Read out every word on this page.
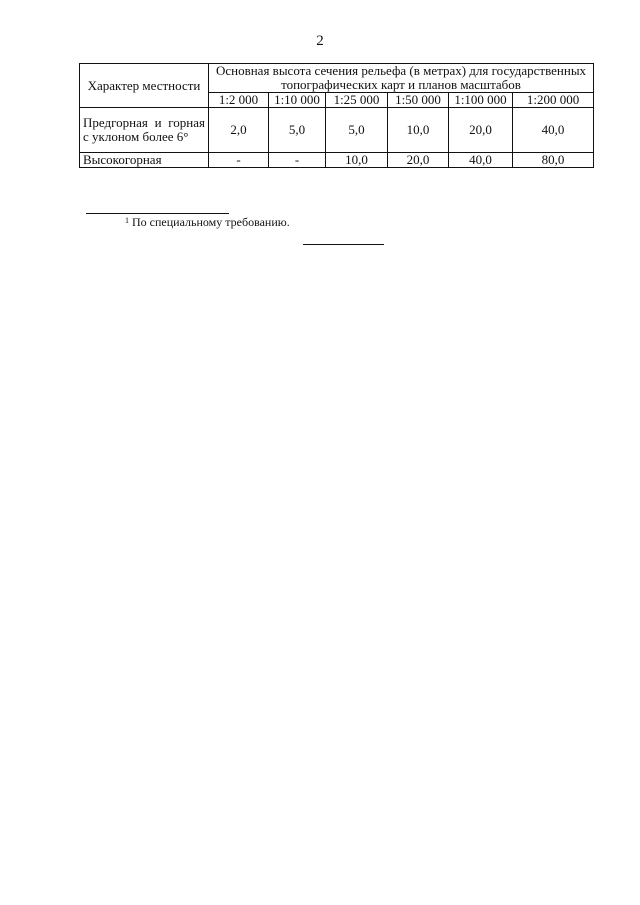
2
Характер местности	Основная высота сечения рельефа (в метрах) для государственных топографических карт и планов масштабов					
	1:2 000	1:10 000	1:25 000	1:50 000	1:100 000	1:200 000
Предгорная и горная с уклоном более 6°	2,0	5,0	5,0	10,0	20,0	40,0
Высокогорная	-	-	10,0	20,0	40,0	80,0
$^1$ По специальному требованию.
